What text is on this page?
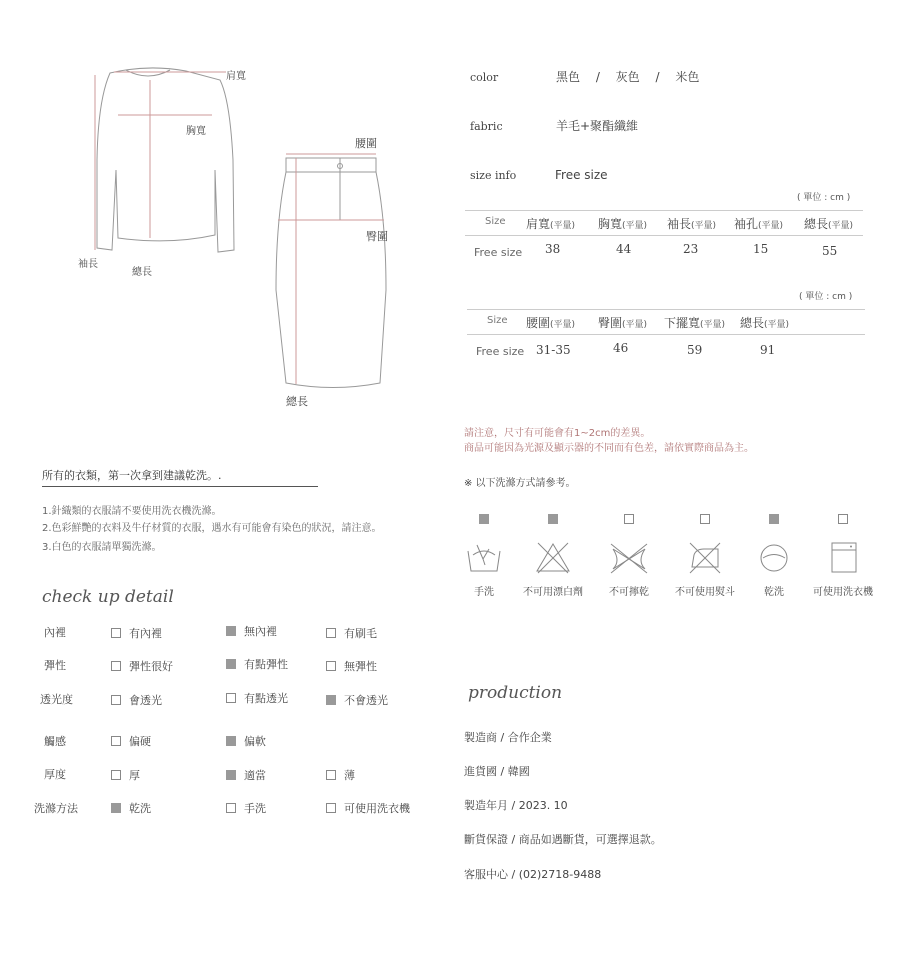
肩寬
胸寬
袖長
總長
腰圍
臀圍
總長
color	黑色　 /　 灰色　 /　 米色
fabric	羊毛+聚酯纖維
size info	Free size
( 單位 : cm )
Size 肩寬(平量) 胸寬(平量) 袖長(平量) 袖孔(平量) 總長(平量)
Free size 38	44	23	15	55
( 單位 : cm )
Size 腰圍(平量) 臀圍(平量) 下擺寬(平量) 總長(平量)
Free size 31-35	46	59	91
請注意，尺寸有可能會有1~2cm的差異。
商品可能因為光源及顯示器的不同而有色差，請依實際商品為主。
※ 以下洗滌方式請參考。
手洗	不可用漂白劑	不可擰乾	不可使用熨斗	乾洗	可使用洗衣機
所有的衣類，第一次拿到建議乾洗。.
1.針織類的衣服請不要使用洗衣機洗滌。
2.色彩鮮艷的衣料及牛仔材質的衣服，遇水有可能會有染色的狀況，請注意。
3.白色的衣服請單獨洗滌。
check up detail
內裡	有內裡	無內裡	有刷毛
彈性	彈性很好	有點彈性	無彈性
透光度	會透光	有點透光	不會透光
觸感	偏硬	偏軟
厚度	厚	適當	薄
洗滌方法	乾洗	手洗	可使用洗衣機
production
製造商 / 合作企業
進貨國 / 韓國
製造年月 / 2023. 10
斷貨保證 / 商品如遇斷貨，可選擇退款。
客服中心 / (02)2718-9488
